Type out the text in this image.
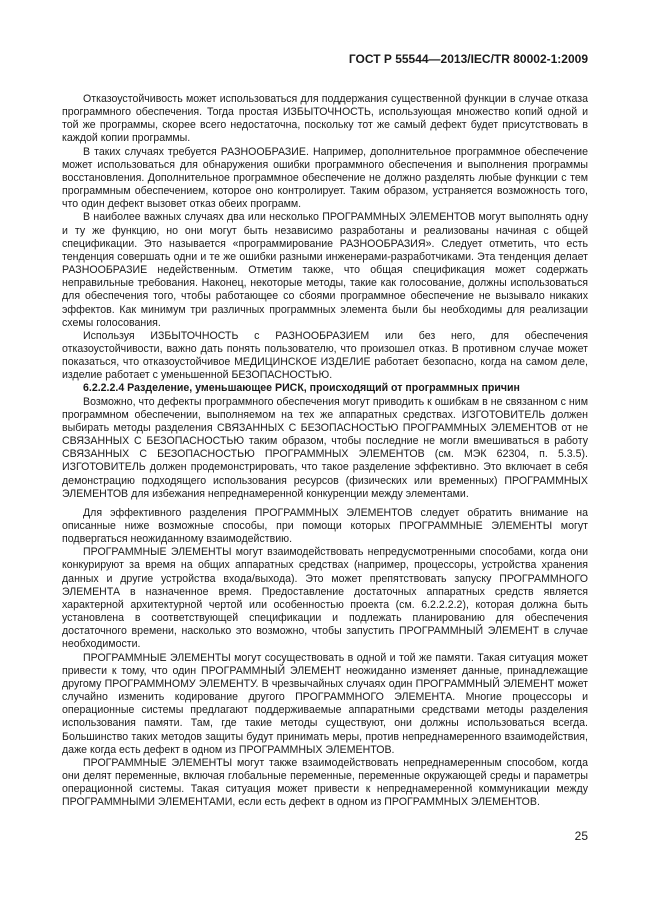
ГОСТ Р 55544—2013/IEC/TR 80002-1:2009

Отказоустойчивость может использоваться для поддержания существенной функции в случае отказа программного обеспечения. Тогда простая ИЗБЫТОЧНОСТЬ, использующая множество копий одной и той же программы, скорее всего недостаточна, поскольку тот же самый дефект будет присутствовать в каждой копии программы.

В таких случаях требуется РАЗНООБРАЗИЕ. Например, дополнительное программное обеспечение может использоваться для обнаружения ошибки программного обеспечения и выполнения программы восстановления. Дополнительное программное обеспечение не должно разделять любые функции с тем программным обеспечением, которое оно контролирует. Таким образом, устраняется возможность того, что один дефект вызовет отказ обеих программ.

В наиболее важных случаях два или несколько ПРОГРАММНЫХ ЭЛЕМЕНТОВ могут выполнять одну и ту же функцию, но они могут быть независимо разработаны и реализованы начиная с общей спецификации. Это называется «программирование РАЗНООБРАЗИЯ». Следует отметить, что есть тенденция совершать одни и те же ошибки разными инженерами-разработчиками. Эта тенденция делает РАЗНООБРАЗИЕ недейственным. Отметим также, что общая спецификация может содержать неправильные требования. Наконец, некоторые методы, такие как голосование, должны использоваться для обеспечения того, чтобы работающее со сбоями программное обеспечение не вызывало никаких эффектов. Как минимум три различных программных элемента были бы необходимы для реализации схемы голосования.

Используя ИЗБЫТОЧНОСТЬ с РАЗНООБРАЗИЕМ или без него, для обеспечения отказоустойчивости, важно дать понять пользователю, что произошел отказ. В противном случае может показаться, что отказоустойчивое МЕДИЦИНСКОЕ ИЗДЕЛИЕ работает безопасно, когда на самом деле, изделие работает с уменьшенной БЕЗОПАСНОСТЬЮ.

6.2.2.2.4 Разделение, уменьшающее РИСК, происходящий от программных причин

Возможно, что дефекты программного обеспечения могут приводить к ошибкам в не связанном с ним программном обеспечении, выполняемом на тех же аппаратных средствах. ИЗГОТОВИТЕЛЬ должен выбирать методы разделения СВЯЗАННЫХ С БЕЗОПАСНОСТЬЮ ПРОГРАММНЫХ ЭЛЕМЕНТОВ от не СВЯЗАННЫХ С БЕЗОПАСНОСТЬЮ таким образом, чтобы последние не могли вмешиваться в работу СВЯЗАННЫХ С БЕЗОПАСНОСТЬЮ ПРОГРАММНЫХ ЭЛЕМЕНТОВ (см. МЭК 62304, п. 5.3.5). ИЗГОТОВИТЕЛЬ должен продемонстрировать, что такое разделение эффективно. Это включает в себя демонстрацию подходящего использования ресурсов (физических или временных) ПРОГРАММНЫХ ЭЛЕМЕНТОВ для избежания непреднамеренной конкуренции между элементами.

Для эффективного разделения ПРОГРАММНЫХ ЭЛЕМЕНТОВ следует обратить внимание на описанные ниже возможные способы, при помощи которых ПРОГРАММНЫЕ ЭЛЕМЕНТЫ могут подвергаться неожиданному взаимодействию.

ПРОГРАММНЫЕ ЭЛЕМЕНТЫ могут взаимодействовать непредусмотренными способами, когда они конкурируют за время на общих аппаратных средствах (например, процессоры, устройства хранения данных и другие устройства входа/выхода). Это может препятствовать запуску ПРОГРАММНОГО ЭЛЕМЕНТА в назначенное время. Предоставление достаточных аппаратных средств является характерной архитектурной чертой или особенностью проекта (см. 6.2.2.2.2), которая должна быть установлена в соответствующей спецификации и подлежать планированию для обеспечения достаточного времени, насколько это возможно, чтобы запустить ПРОГРАММНЫЙ ЭЛЕМЕНТ в случае необходимости.

ПРОГРАММНЫЕ ЭЛЕМЕНТЫ могут сосуществовать в одной и той же памяти. Такая ситуация может привести к тому, что один ПРОГРАММНЫЙ ЭЛЕМЕНТ неожиданно изменяет данные, принадлежащие другому ПРОГРАММНОМУ ЭЛЕМЕНТУ. В чрезвычайных случаях один ПРОГРАММНЫЙ ЭЛЕМЕНТ может случайно изменить кодирование другого ПРОГРАММНОГО ЭЛЕМЕНТА. Многие процессоры и операционные системы предлагают поддерживаемые аппаратными средствами методы разделения использования памяти. Там, где такие методы существуют, они должны использоваться всегда. Большинство таких методов защиты будут принимать меры, против непреднамеренного взаимодействия, даже когда есть дефект в одном из ПРОГРАММНЫХ ЭЛЕМЕНТОВ.

ПРОГРАММНЫЕ ЭЛЕМЕНТЫ могут также взаимодействовать непреднамеренным способом, когда они делят переменные, включая глобальные переменные, переменные окружающей среды и параметры операционной системы. Такая ситуация может привести к непреднамеренной коммуникации между ПРОГРАММНЫМИ ЭЛЕМЕНТАМИ, если есть дефект в одном из ПРОГРАММНЫХ ЭЛЕМЕНТОВ.

25
